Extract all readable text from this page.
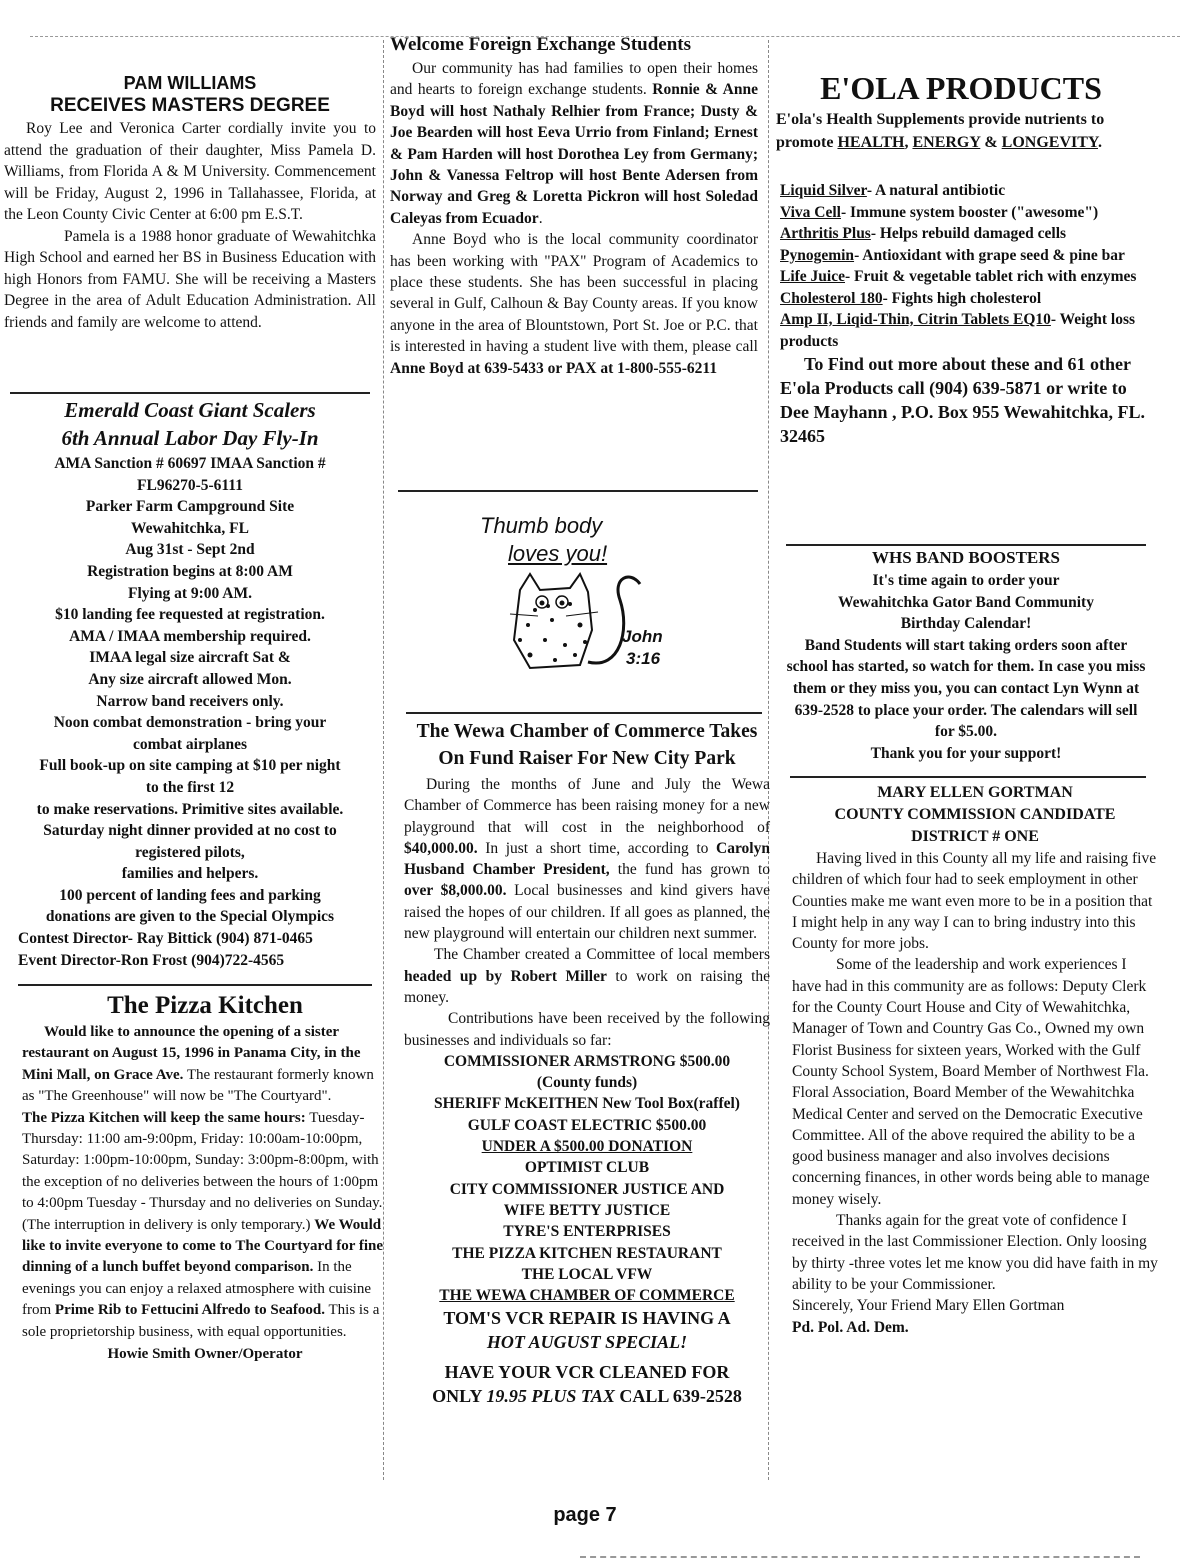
PAM WILLIAMS

RECEIVES MASTERS DEGREE

Roy Lee and Veronica Carter cordially invite you to attend the graduation of their daughter, Miss Pamela D. Williams, from Florida A & M University. Commencement will be Friday, August 2, 1996 in Tallahassee, Florida, at the Leon County Civic Center at 6:00 pm E.S.T.

Pamela is a 1988 honor graduate of Wewahitchka High School and earned her BS in Business Education with high Honors from FAMU. She will be receiving a Masters Degree in the area of Adult Education Administration. All friends and family are welcome to attend.

Emerald Coast Giant Scalers

6th Annual Labor Day Fly-In

AMA Sanction # 60697 IMAA Sanction #

FL96270-5-6111

Parker Farm Campground Site

Wewahitchka, FL

Aug 31st - Sept 2nd

Registration begins at 8:00 AM

Flying at 9:00 AM.

$10 landing fee requested at registration.

AMA / IMAA membership required.

IMAA legal size aircraft Sat &

Any size aircraft allowed Mon.

Narrow band receivers only.

Noon combat demonstration - bring your

combat airplanes

Full book-up on site camping at $10 per night

to the first 12

to make reservations. Primitive sites available.

Saturday night dinner provided at no cost to

registered pilots,

families and helpers.

100 percent of landing fees and parking

donations are given to the Special Olympics

Contest Director- Ray Bittick (904) 871-0465

Event Director-Ron Frost (904)722-4565

The Pizza Kitchen

Would like to announce the opening of a sister restaurant on August 15, 1996 in Panama City, in the Mini Mall, on Grace Ave. The restaurant formerly known as "The Greenhouse" will now be "The Courtyard".

The Pizza Kitchen will keep the same hours: Tuesday-Thursday: 11:00 am-9:00pm, Friday: 10:00am-10:00pm, Saturday: 1:00pm-10:00pm, Sunday: 3:00pm-8:00pm, with the exception of no deliveries between the hours of 1:00pm to 4:00pm Tuesday - Thursday and no deliveries on Sunday. (The interruption in delivery is only temporary.) We Would like to invite everyone to come to The Courtyard for fine dinning of a lunch buffet beyond comparison. In the evenings you can enjoy a relaxed atmosphere with cuisine from Prime Rib to Fettucini Alfredo to Seafood. This is a sole proprietorship business, with equal opportunities.

Howie Smith Owner/Operator

Welcome Foreign Exchange Students

Our community has had families to open their homes and hearts to foreign exchange students. Ronnie & Anne Boyd will host Nathaly Relhier from France; Dusty & Joe Bearden will host Eeva Urrio from Finland; Ernest & Pam Harden will host Dorothea Ley from Germany; John & Vanessa Feltrop will host Bente Adersen from Norway and Greg & Loretta Pickron will host Soledad Caleyas from Ecuador.

Anne Boyd who is the local community coordinator has been working with "PAX" Program of Academics to place these students. She has been successful in placing several in Gulf, Calhoun & Bay County areas. If you know anyone in the area of Blountstown, Port St. Joe or P.C. that is interested in having a student live with them, please call Anne Boyd at 639-5433 or PAX at 1-800-555-6211

Thumb body

loves you!

John

3:16

The Wewa Chamber of Commerce Takes On Fund Raiser For New City Park

During the months of June and July the Wewa Chamber of Commerce has been raising money for a new playground that will cost in the neighborhood of $40,000.00. In just a short time, according to Carolyn Husband Chamber President, the fund has grown to over $8,000.00. Local businesses and kind givers have raised the hopes of our children. If all goes as planned, the new playground will entertain our children next summer.

The Chamber created a Committee of local members headed up by Robert Miller to work on raising the money.

Contributions have been received by the following businesses and individuals so far:

COMMISSIONER ARMSTRONG $500.00

(County funds)

SHERIFF McKEITHEN New Tool Box(raffel)

GULF COAST ELECTRIC $500.00

UNDER A $500.00 DONATION

OPTIMIST CLUB

CITY COMMISSIONER JUSTICE AND

WIFE BETTY JUSTICE

TYRE'S ENTERPRISES

THE PIZZA KITCHEN RESTAURANT

THE LOCAL VFW

THE WEWA CHAMBER OF COMMERCE

TOM'S VCR REPAIR IS HAVING A

HOT AUGUST SPECIAL!

HAVE YOUR VCR CLEANED FOR

ONLY 19.95 PLUS TAX CALL 639-2528

page 7

E'OLA PRODUCTS

E'ola's Health Supplements provide nutrients to promote HEALTH, ENERGY & LONGEVITY.

Liquid Silver- A natural antibiotic

Viva Cell- Immune system booster ("awesome")

Arthritis Plus- Helps rebuild damaged cells

Pynogemin- Antioxidant with grape seed & pine bar

Life Juice- Fruit & vegetable tablet rich with enzymes

Cholesterol 180- Fights high cholesterol

Amp II, Liqid-Thin, Citrin Tablets EQ10- Weight loss products

To Find out more about these and 61 other E'ola Products call (904) 639-5871 or write to Dee Mayhann , P.O. Box 955 Wewahitchka, FL. 32465

WHS BAND BOOSTERS

It's time again to order your

Wewahitchka Gator Band Community

Birthday Calendar!

Band Students will start taking orders soon after school has started, so watch for them. In case you miss them or they miss you, you can contact Lyn Wynn at 639-2528 to place your order. The calendars will sell for $5.00.

Thank you for your support!

MARY ELLEN GORTMAN

COUNTY COMMISSION CANDIDATE

DISTRICT # ONE

Having lived in this County all my life and raising five children of which four had to seek employment in other Counties make me want even more to be in a position that I might help in any way I can to bring industry into this County for more jobs.

Some of the leadership and work experiences I have had in this community are as follows: Deputy Clerk for the County Court House and City of Wewahitchka, Manager of Town and Country Gas Co., Owned my own Florist Business for sixteen years, Worked with the Gulf County School System, Board Member of Northwest Fla. Floral Association, Board Member of the Wewahitchka Medical Center and served on the Democratic Executive Committee. All of the above required the ability to be a good business manager and also involves decisions concerning finances, in other words being able to manage money wisely.

Thanks again for the great vote of confidence I received in the last Commissioner Election. Only loosing by thirty -three votes let me know you did have faith in my ability to be your Commissioner.

Sincerely, Your Friend Mary Ellen Gortman

Pd. Pol. Ad. Dem.
